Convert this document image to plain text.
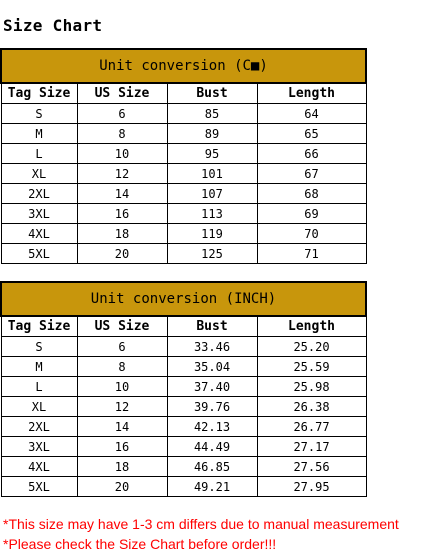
Size Chart
Unit conversion (C■)			
Tag Size	US Size	Bust	Length
S	6	85	64
M	8	89	65
L	10	95	66
XL	12	101	67
2XL	14	107	68
3XL	16	113	69
4XL	18	119	70
5XL	20	125	71
Unit conversion (INCH)			
Tag Size	US Size	Bust	Length
S	6	33.46	25.20
M	8	35.04	25.59
L	10	37.40	25.98
XL	12	39.76	26.38
2XL	14	42.13	26.77
3XL	16	44.49	27.17
4XL	18	46.85	27.56
5XL	20	49.21	27.95
*This size may have 1-3 cm differs due to manual measurement
*Please check the Size Chart before order!!!
